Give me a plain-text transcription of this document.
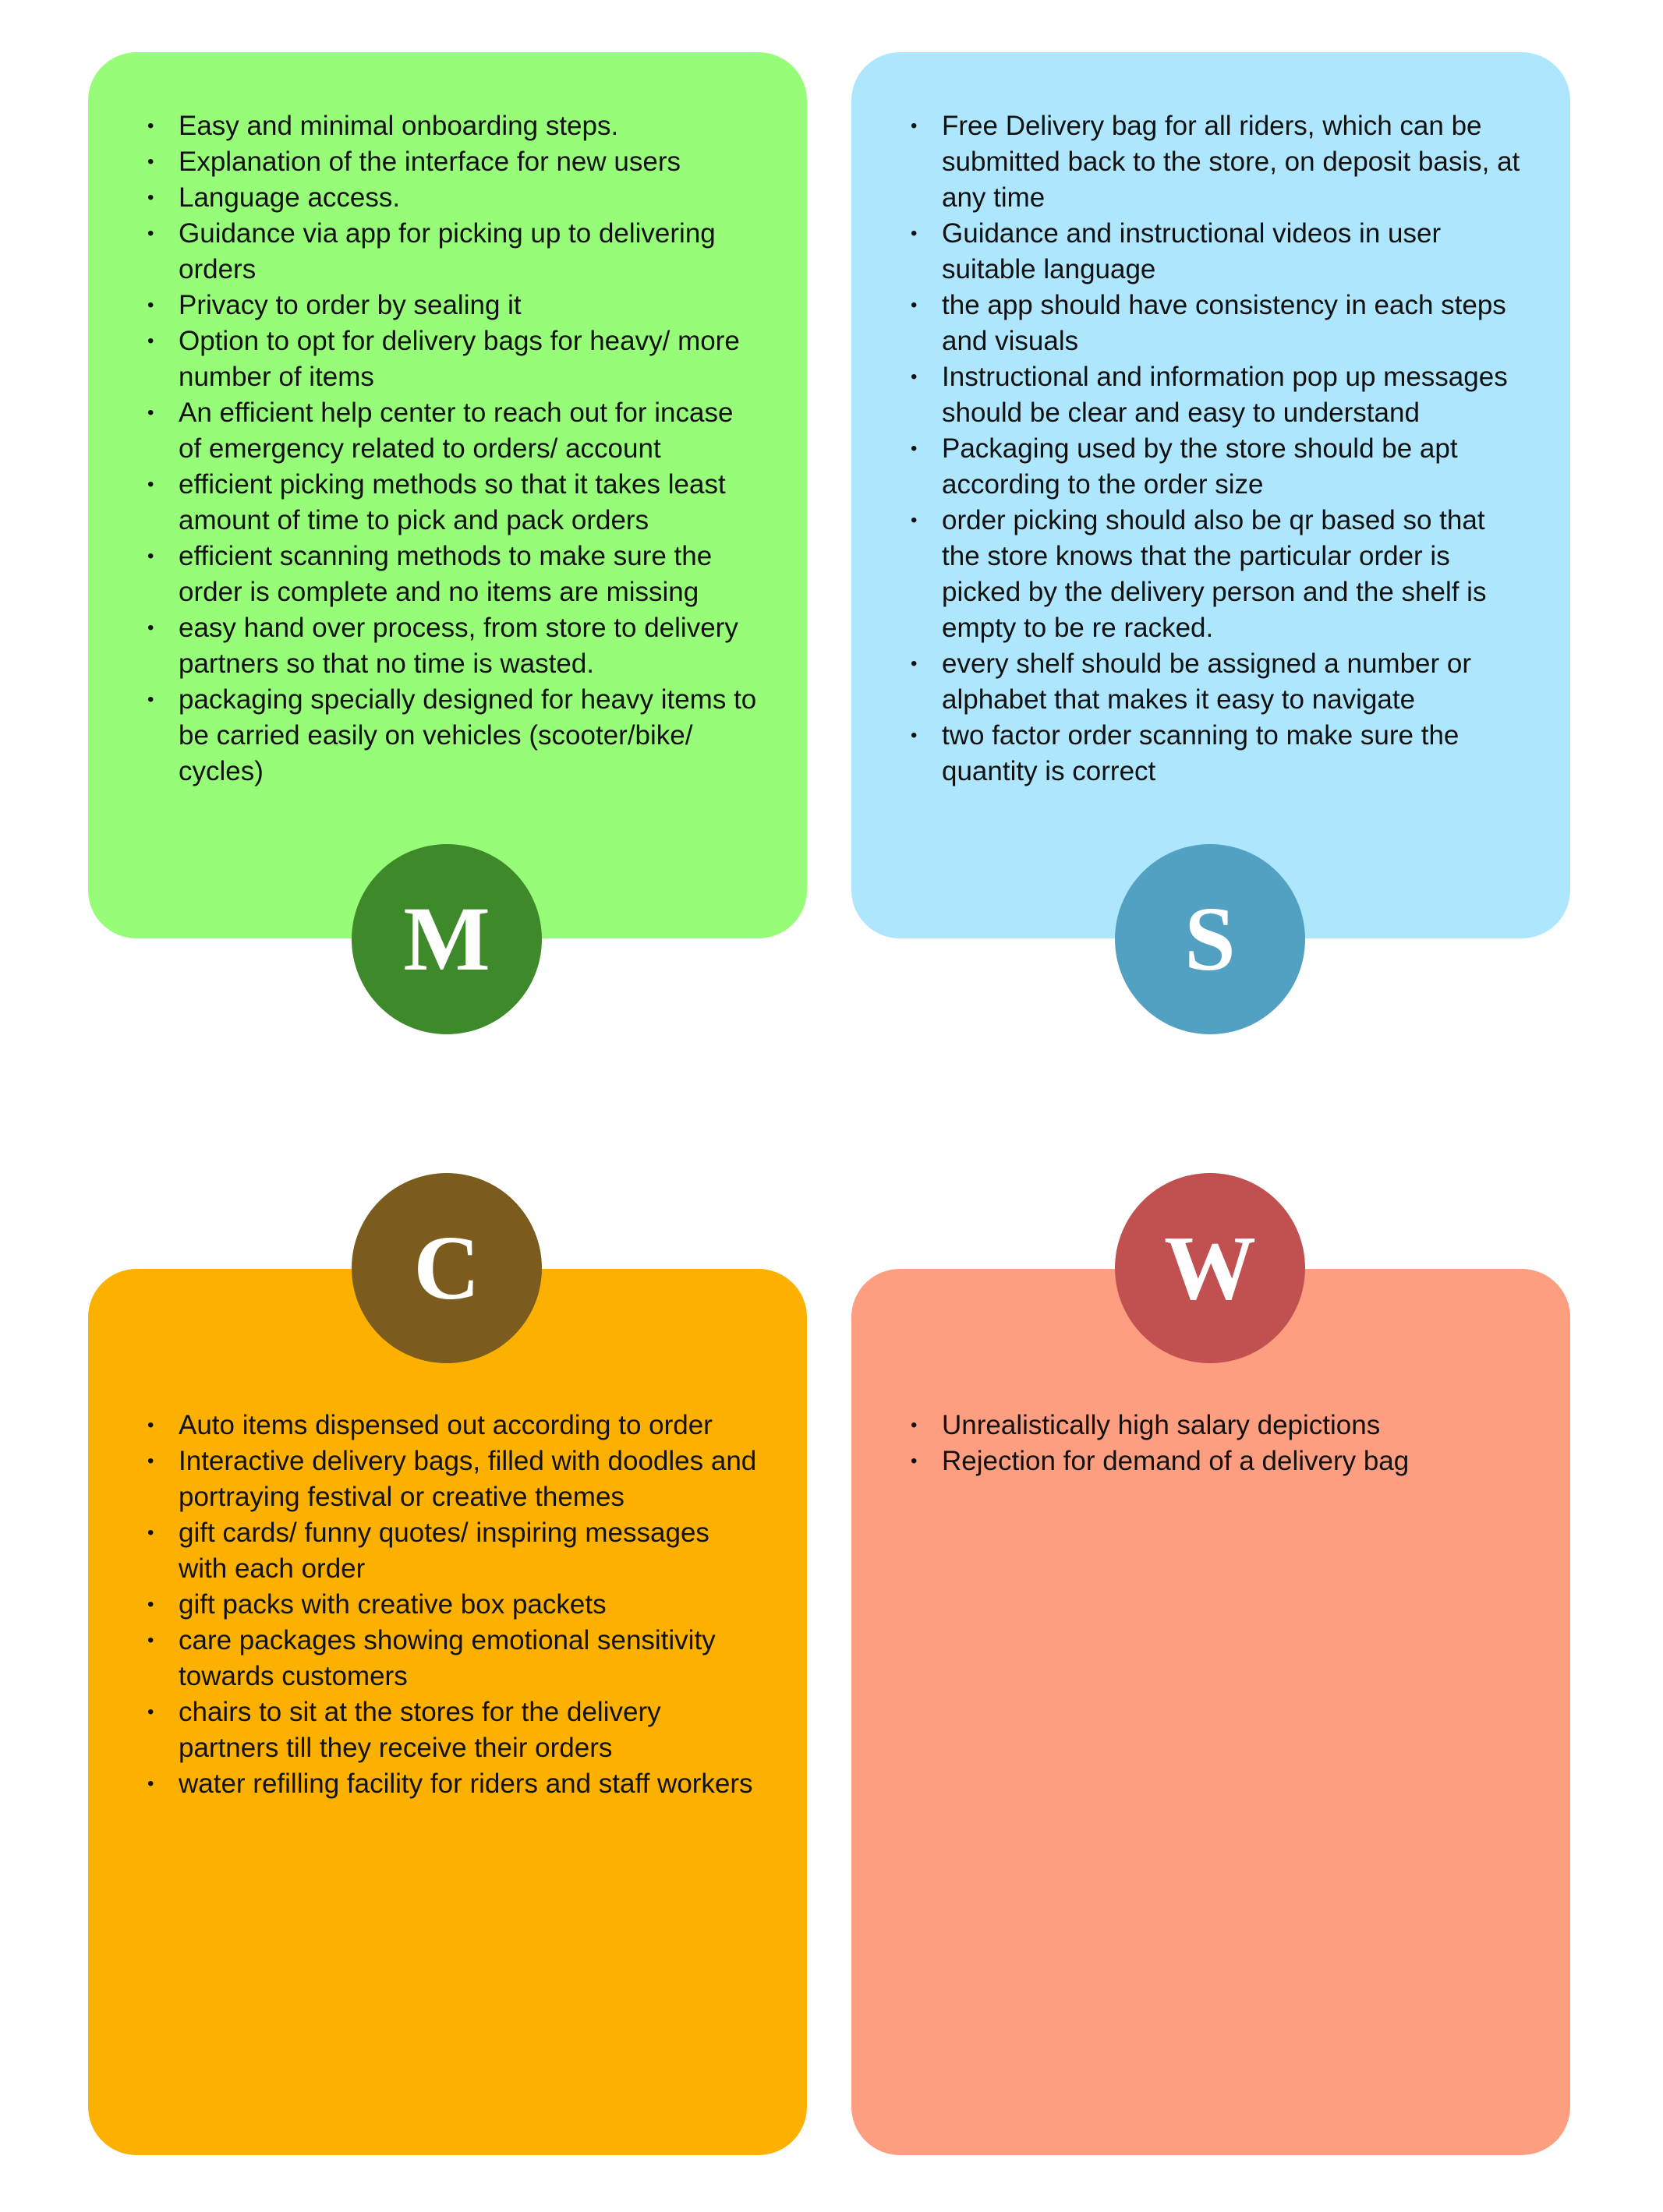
• Easy and minimal onboarding steps.
• Explanation of the interface for new users
• Language access.
• Guidance via app for picking up to delivering orders
• Privacy to order by sealing it
• Option to opt for delivery bags for heavy/ more number of items
• An efficient help center to reach out for incase of emergency related to orders/ account
• efficient picking methods so that it takes least amount of time to pick and pack orders
• efficient scanning methods to make sure the order is complete and no items are missing
• easy hand over process, from store to delivery partners so that no time is wasted.
• packaging specially designed for heavy items to be carried easily on vehicles (scooter/bike/ cycles)
• Free Delivery bag for all riders, which can be submitted back to the store, on deposit basis, at any time
• Guidance and instructional videos in user suitable language
• the app should have consistency in each steps and visuals
• Instructional and information pop up messages should be clear and easy to understand
• Packaging used by the store should be apt according to the order size
• order picking should also be qr based so that the store knows that the particular order is picked by the delivery person and the shelf is empty to be re racked.
• every shelf should be assigned a number or alphabet that makes it easy to navigate
• two factor order scanning to make sure the quantity is correct
• Auto items dispensed out according to order
• Interactive delivery bags, filled with doodles and portraying festival or creative themes
• gift cards/ funny quotes/ inspiring messages with each order
• gift packs with creative box packets
• care packages showing emotional sensitivity towards customers
• chairs to sit at the stores for the delivery partners till they receive their orders
• water refilling facility for riders and staff workers
• Unrealistically high salary depictions
• Rejection for demand of a delivery bag
M	S
C	W
